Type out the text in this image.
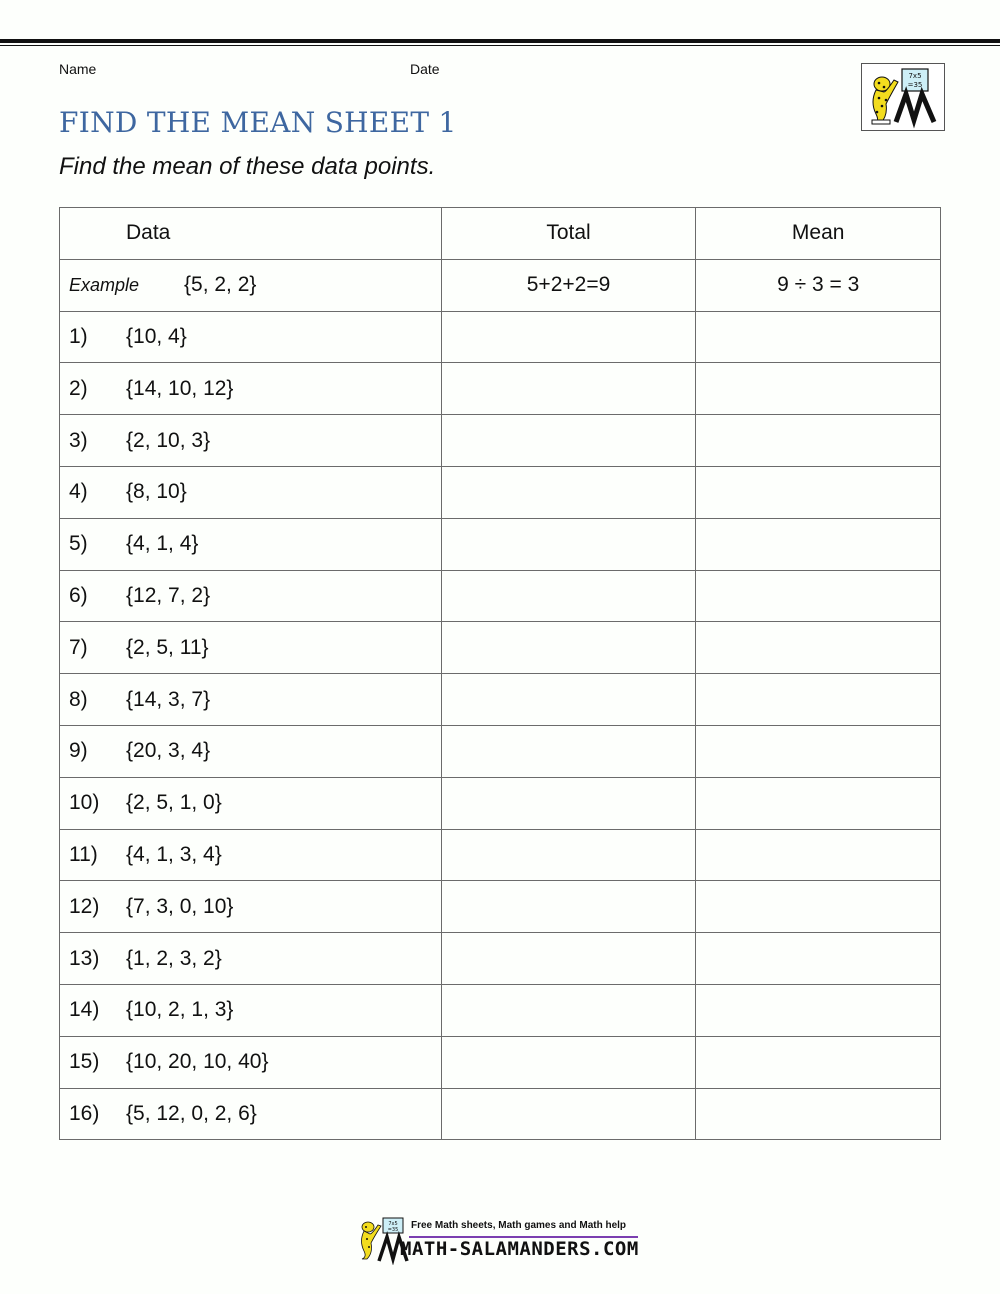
Name	Date
FIND THE MEAN SHEET 1
Find the mean of these data points.
7x5
=35
Data	Total	Mean
Example {5, 2, 2}	5+2+2=9	9 ÷ 3 = 3
1) {10, 4}		
2) {14, 10, 12}		
3) {2, 10, 3}		
4) {8, 10}		
5) {4, 1, 4}		
6) {12, 7, 2}		
7) {2, 5, 11}		
8) {14, 3, 7}		
9) {20, 3, 4}		
10) {2, 5, 1, 0}		
11) {4, 1, 3, 4}		
12) {7, 3, 0, 10}		
13) {1, 2, 3, 2}		
14) {10, 2, 1, 3}		
15) {10, 20, 10, 40}		
16) {5, 12, 0, 2, 6}		
7x5
=35 Free Math sheets, Math games and Math help
MATH-SALAMANDERS.COM
